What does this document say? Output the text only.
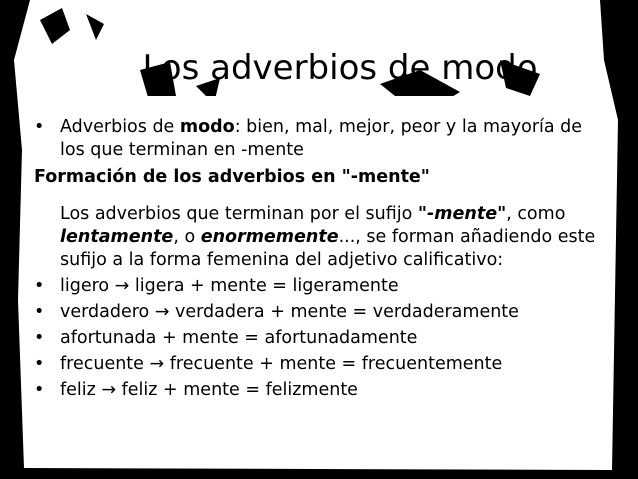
Los adverbios de modo
• Adverbios de modo: bien, mal, mejor, peor y la mayoría de
los que terminan en -mente
Formación de los adverbios en "-mente"
Los adverbios que terminan por el sufijo "-mente", como
lentamente, o enormemente..., se forman añadiendo este
sufijo a la forma femenina del adjetivo calificativo:
• ligero → ligera + mente = ligeramente
• verdadero → verdadera + mente = verdaderamente
• afortunada + mente = afortunadamente
• frecuente → frecuente + mente = frecuentemente
• feliz → feliz + mente = felizmente
